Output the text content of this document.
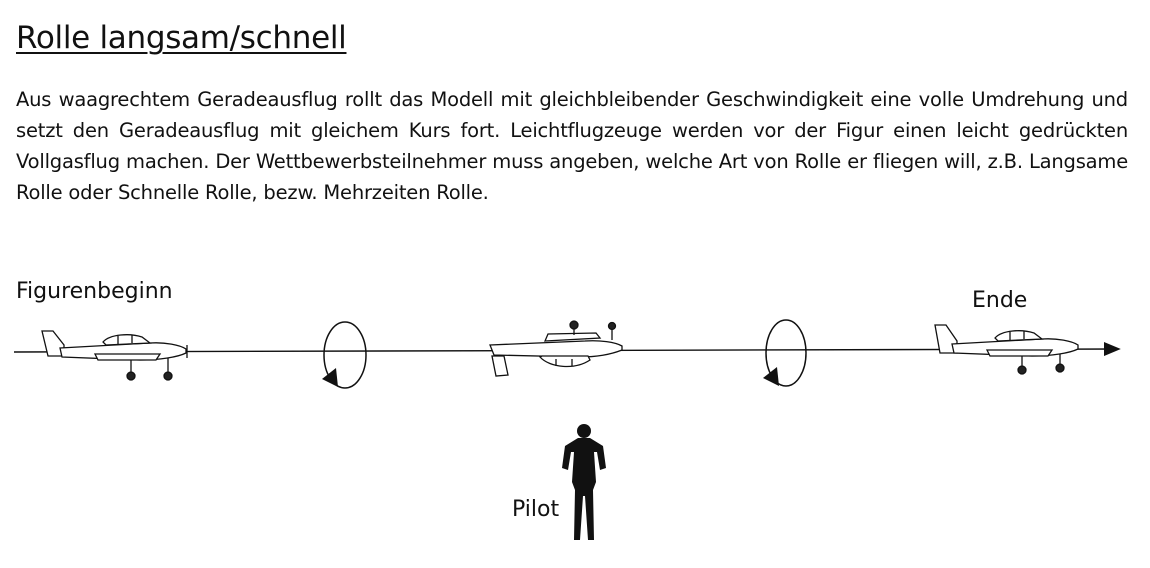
Rolle langsam/schnell

Aus waagrechtem Geradeausflug rollt das Modell mit gleichbleibender Geschwindigkeit eine volle Umdrehung und setzt den Geradeausflug mit gleichem Kurs fort. Leichtflugzeuge werden vor der Figur einen leicht gedrückten Vollgasflug machen. Der Wettbewerbsteilnehmer muss angeben, welche Art von Rolle er fliegen will, z.B. Langsame Rolle oder Schnelle Rolle, bezw. Mehrzeiten Rolle.

Figurenbeginn	Ende
Pilot
